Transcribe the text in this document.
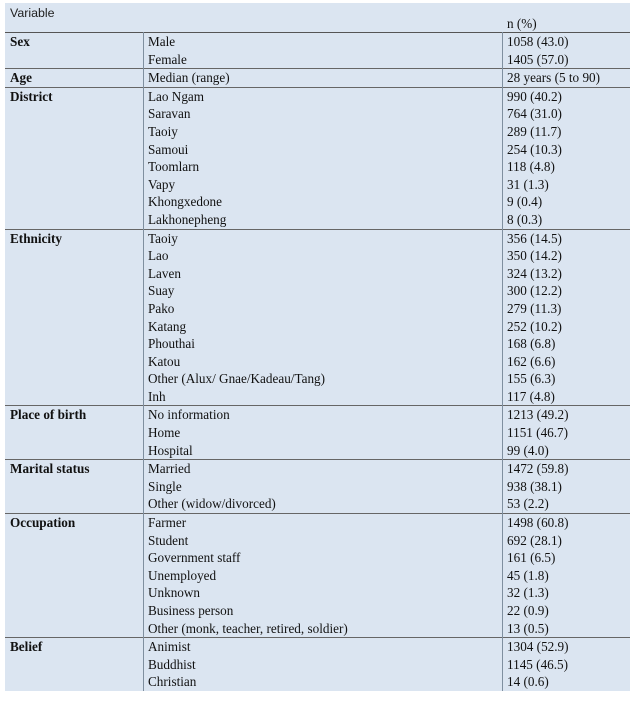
Variable
n (%)
Sex	Male	1058 (43.0)
Female	1405 (57.0)
Age	Median (range)	28 years (5 to 90)
District	Lao Ngam	990 (40.2)
Saravan	764 (31.0)
Taoiy	289 (11.7)
Samoui	254 (10.3)
Toomlarn	118 (4.8)
Vapy	31 (1.3)
Khongxedone	9 (0.4)
Lakhonepheng	8 (0.3)
Ethnicity	Taoiy	356 (14.5)
Lao	350 (14.2)
Laven	324 (13.2)
Suay	300 (12.2)
Pako	279 (11.3)
Katang	252 (10.2)
Phouthai	168 (6.8)
Katou	162 (6.6)
Other (Alux/ Gnae/Kadeau/Tang)	155 (6.3)
Inh	117 (4.8)
Place of birth	No information	1213 (49.2)
Home	1151 (46.7)
Hospital	99 (4.0)
Marital status	Married	1472 (59.8)
Single	938 (38.1)
Other (widow/divorced)	53 (2.2)
Occupation	Farmer	1498 (60.8)
Student	692 (28.1)
Government staff	161 (6.5)
Unemployed	45 (1.8)
Unknown	32 (1.3)
Business person	22 (0.9)
Other (monk, teacher, retired, soldier)	13 (0.5)
Belief	Animist	1304 (52.9)
Buddhist	1145 (46.5)
Christian	14 (0.6)
